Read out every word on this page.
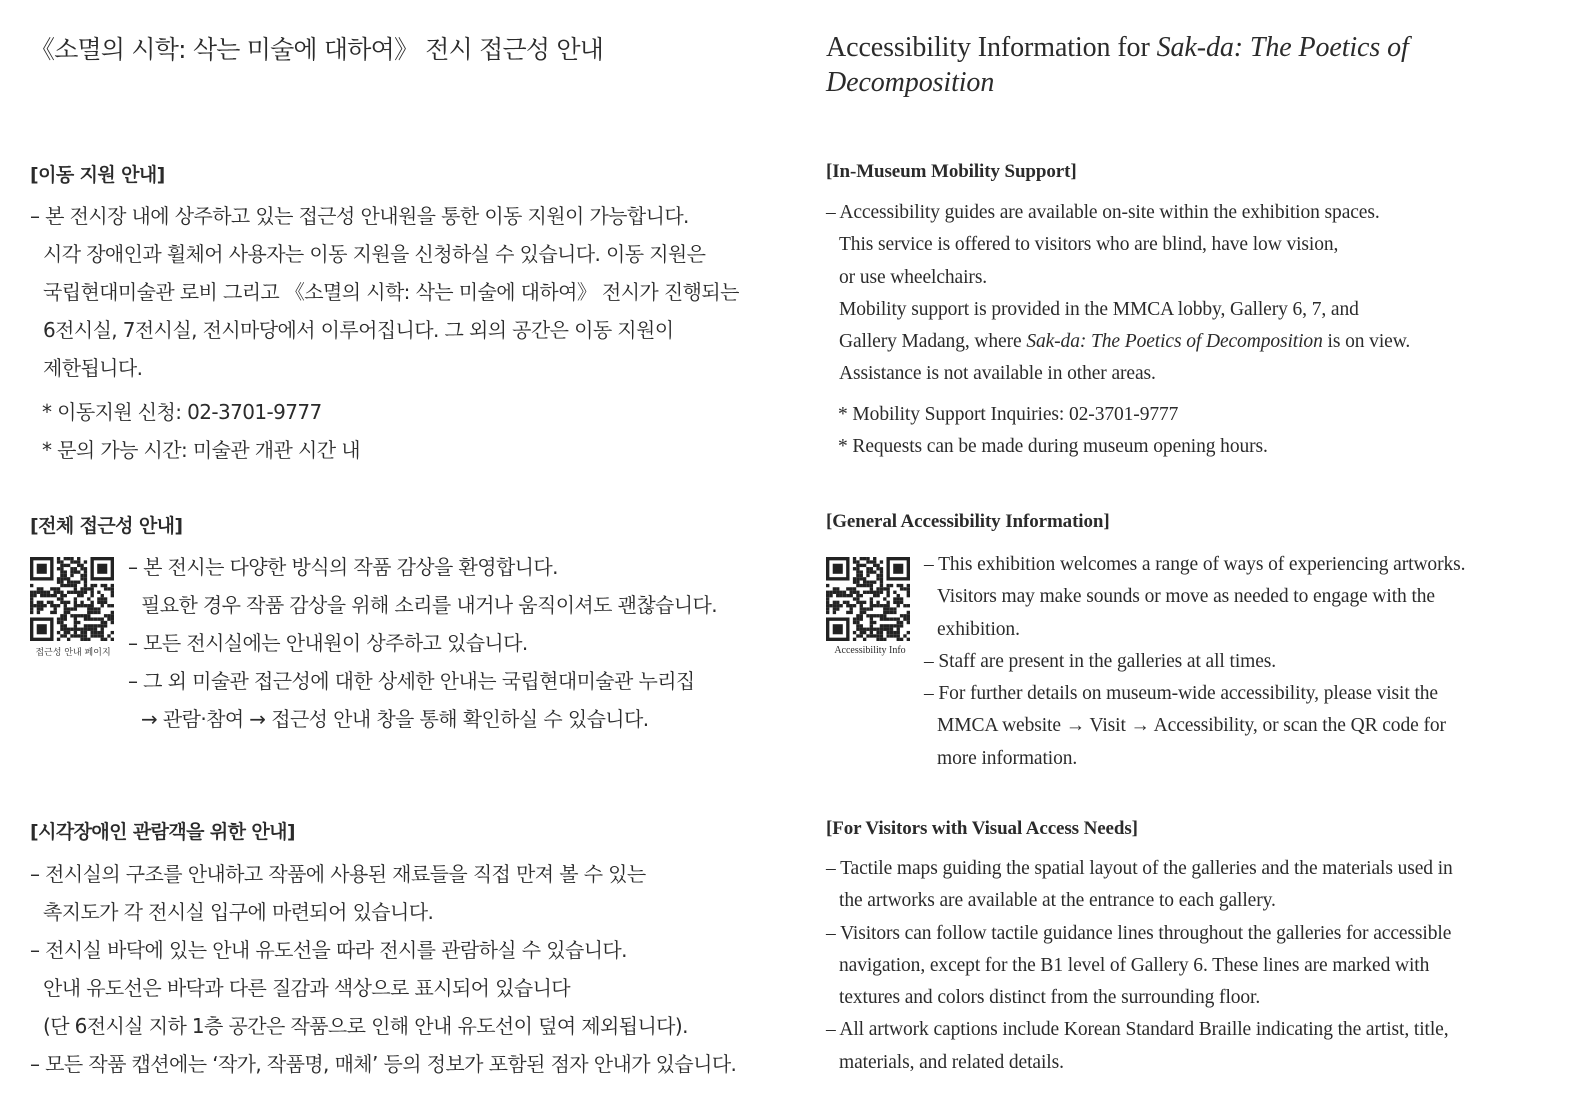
《소멸의 시학: 삭는 미술에 대하여》 전시 접근성 안내
[이동 지원 안내]
– 본 전시장 내에 상주하고 있는 접근성 안내원을 통한 이동 지원이 가능합니다.
시각 장애인과 휠체어 사용자는 이동 지원을 신청하실 수 있습니다. 이동 지원은
국립현대미술관 로비 그리고 《소멸의 시학: 삭는 미술에 대하여》 전시가 진행되는
6전시실, 7전시실, 전시마당에서 이루어집니다. 그 외의 공간은 이동 지원이
제한됩니다.
* 이동지원 신청: 02-3701-9777
* 문의 가능 시간: 미술관 개관 시간 내
[전체 접근성 안내]
접근성 안내 페이지
– 본 전시는 다양한 방식의 작품 감상을 환영합니다.
필요한 경우 작품 감상을 위해 소리를 내거나 움직이셔도 괜찮습니다.
– 모든 전시실에는 안내원이 상주하고 있습니다.
– 그 외 미술관 접근성에 대한 상세한 안내는 국립현대미술관 누리집
→ 관람·참여 → 접근성 안내 창을 통해 확인하실 수 있습니다.
[시각장애인 관람객을 위한 안내]
– 전시실의 구조를 안내하고 작품에 사용된 재료들을 직접 만져 볼 수 있는
촉지도가 각 전시실 입구에 마련되어 있습니다.
– 전시실 바닥에 있는 안내 유도선을 따라 전시를 관람하실 수 있습니다.
안내 유도선은 바닥과 다른 질감과 색상으로 표시되어 있습니다
(단 6전시실 지하 1층 공간은 작품으로 인해 안내 유도선이 덮여 제외됩니다).
– 모든 작품 캡션에는 ‘작가, 작품명, 매체’ 등의 정보가 포함된 점자 안내가 있습니다.
Accessibility Information for Sak-da: The Poetics of
Decomposition
[In-Museum Mobility Support]
– Accessibility guides are available on-site within the exhibition spaces.
This service is offered to visitors who are blind, have low vision,
or use wheelchairs.
Mobility support is provided in the MMCA lobby, Gallery 6, 7, and
Gallery Madang, where Sak-da: The Poetics of Decomposition is on view.
Assistance is not available in other areas.
* Mobility Support Inquiries: 02-3701-9777
* Requests can be made during museum opening hours.
[General Accessibility Information]
Accessibility Info
– This exhibition welcomes a range of ways of experiencing artworks.
Visitors may make sounds or move as needed to engage with the
exhibition.
– Staff are present in the galleries at all times.
– For further details on museum-wide accessibility, please visit the
MMCA website → Visit → Accessibility, or scan the QR code for
more information.
[For Visitors with Visual Access Needs]
– Tactile maps guiding the spatial layout of the galleries and the materials used in
the artworks are available at the entrance to each gallery.
– Visitors can follow tactile guidance lines throughout the galleries for accessible
navigation, except for the B1 level of Gallery 6. These lines are marked with
textures and colors distinct from the surrounding floor.
– All artwork captions include Korean Standard Braille indicating the artist, title,
materials, and related details.
